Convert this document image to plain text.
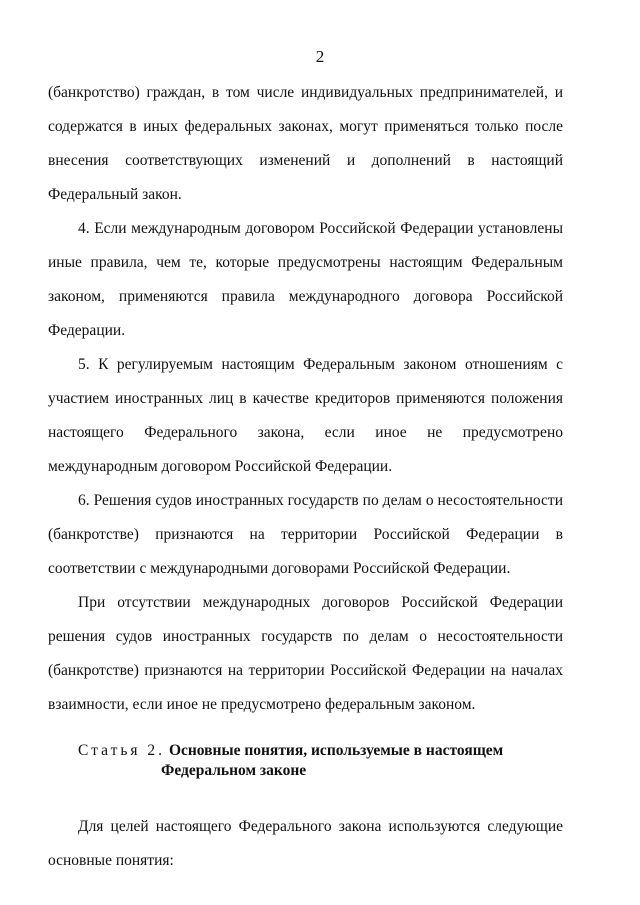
2

(банкротство) граждан, в том числе индивидуальных предпринимателей, и содержатся в иных федеральных законах, могут применяться только после внесения соответствующих изменений и дополнений в настоящий Федеральный закон.

4. Если международным договором Российской Федерации установлены иные правила, чем те, которые предусмотрены настоящим Федеральным законом, применяются правила международного договора Российской Федерации.

5. К регулируемым настоящим Федеральным законом отношениям с участием иностранных лиц в качестве кредиторов применяются положения настоящего Федерального закона, если иное не предусмотрено международным договором Российской Федерации.

6. Решения судов иностранных государств по делам о несостоятельности (банкротстве) признаются на территории Российской Федерации в соответствии с международными договорами Российской Федерации.

При отсутствии международных договоров Российской Федерации решения судов иностранных государств по делам о несостоятельности (банкротстве) признаются на территории Российской Федерации на началах взаимности, если иное не предусмотрено федеральным законом.

Статья 2. Основные понятия, используемые в настоящем
Федеральном законе

Для целей настоящего Федерального закона используются следующие основные понятия:
